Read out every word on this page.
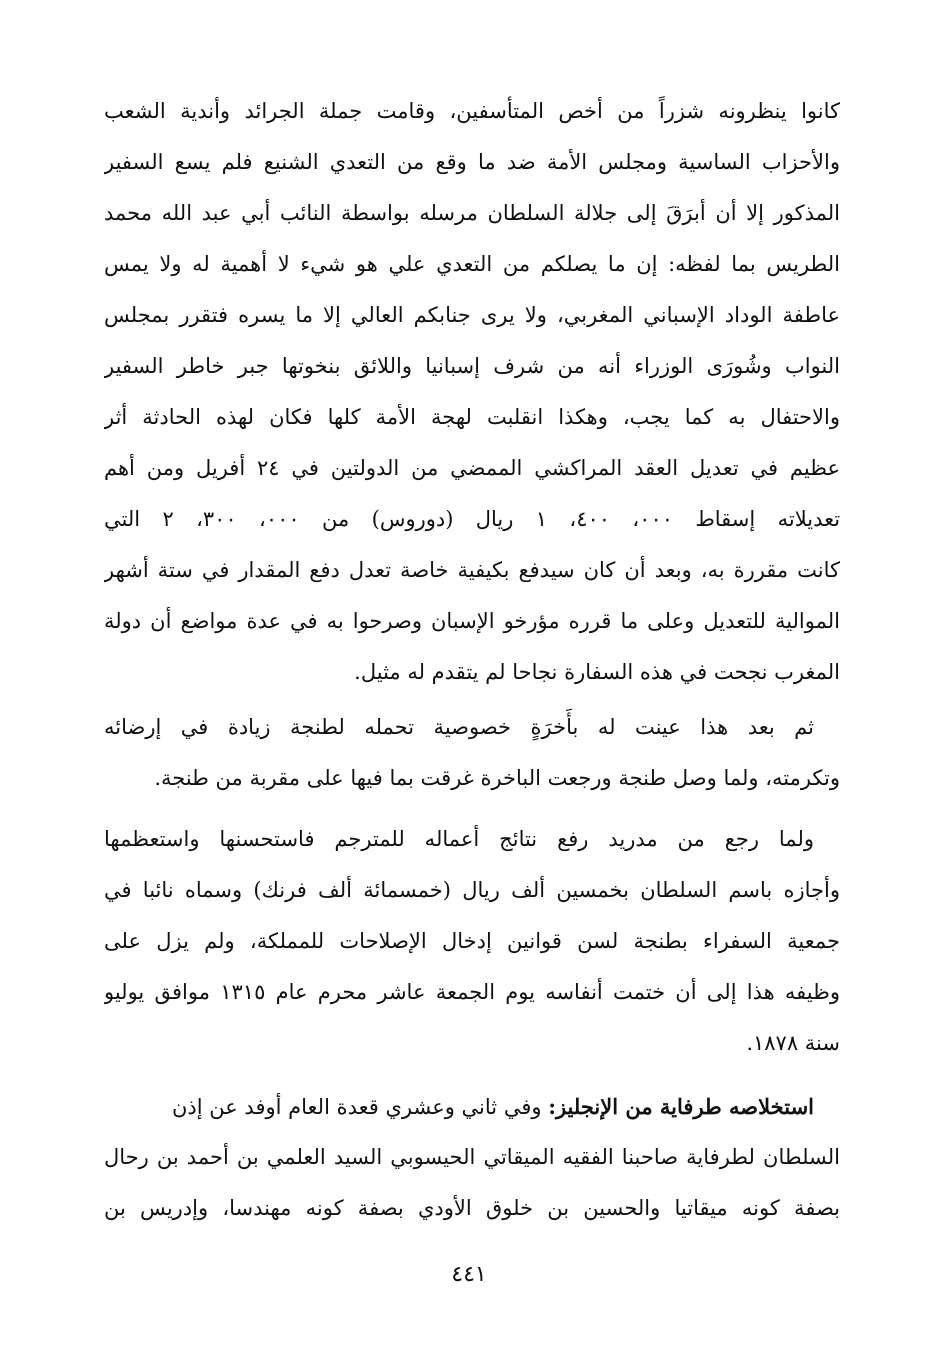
كانوا ينظرونه شزراً من أخص المتأسفين، وقامت جملة الجرائد وأندية الشعب
والأحزاب الساسية ومجلس الأمة ضد ما وقع من التعدي الشنيع فلم يسع السفير
المذكور إلا أن أبرَقَ إلى جلالة السلطان مرسله بواسطة النائب أبي عبد الله محمد
الطريس بما لفظه: إن ما يصلكم من التعدي علي هو شيء لا أهمية له ولا يمس
عاطفة الوداد الإسباني المغربي، ولا يرى جنابكم العالي إلا ما يسره فتقرر بمجلس
النواب وشُورَى الوزراء أنه من شرف إسبانيا واللائق بنخوتها جبر خاطر السفير
والاحتفال به كما يجب، وهكذا انقلبت لهجة الأمة كلها فكان لهذه الحادثة أثر
عظيم في تعديل العقد المراكشي الممضي من الدولتين في ٢٤ أفريل ومن أهم
تعديلاته إسقاط ٠٠٠، ٤٠٠، ١ ريال (دوروس) من ٠٠٠، ٣٠٠، ٢ التي
كانت مقررة به، وبعد أن كان سيدفع بكيفية خاصة تعدل دفع المقدار في ستة أشهر
الموالية للتعديل وعلى ما قرره مؤرخو الإسبان وصرحوا به في عدة مواضع أن دولة
المغرب نجحت في هذه السفارة نجاحا لم يتقدم له مثيل.
ثم بعد هذا عينت له بأَخرَةٍ خصوصية تحمله لطنجة زيادة في إرضائه
وتكرمته، ولما وصل طنجة ورجعت الباخرة غرقت بما فيها على مقربة من طنجة.
ولما رجع من مدريد رفع نتائج أعماله للمترجم فاستحسنها واستعظمها
وأجازه باسم السلطان بخمسين ألف ريال (خمسمائة ألف فرنك) وسماه نائبا في
جمعية السفراء بطنجة لسن قوانين إدخال الإصلاحات للمملكة، ولم يزل على
وظيفه هذا إلى أن ختمت أنفاسه يوم الجمعة عاشر محرم عام ١٣١٥ موافق يوليو
سنة ١٨٧٨.
استخلاصه طرفاية من الإنجليز: وفي ثاني وعشري قعدة العام أوفد عن إذن
السلطان لطرفاية صاحبنا الفقيه الميقاتي الحيسوبي السيد العلمي بن أحمد بن رحال
بصفة كونه ميقاتيا والحسين بن خلوق الأودي بصفة كونه مهندسا، وإدريس بن
٤٤١
